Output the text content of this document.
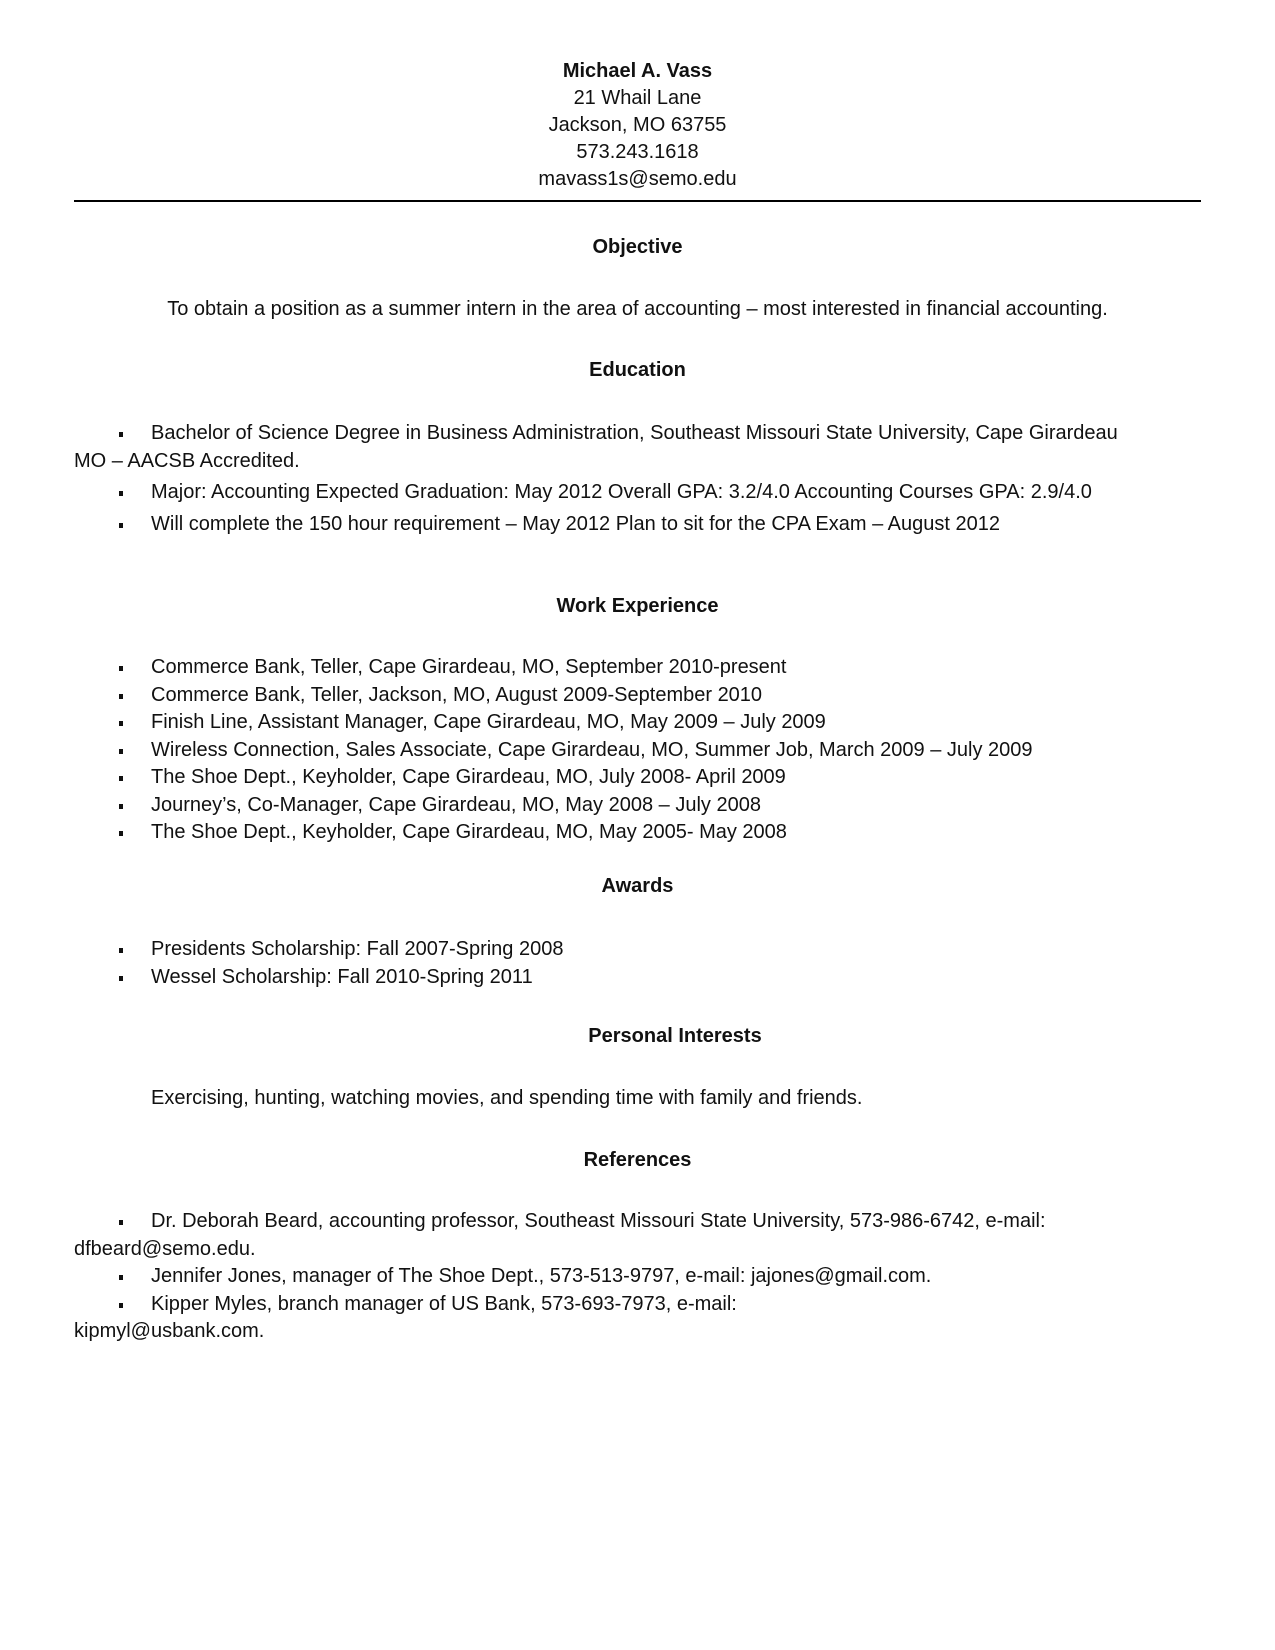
Michael A. Vass
21 Whail Lane
Jackson, MO 63755
573.243.1618
mavass1s@semo.edu
Objective
To obtain a position as a summer intern in the area of accounting – most interested in financial accounting.
Education
Bachelor of Science Degree in Business Administration, Southeast Missouri State University, Cape Girardeau MO – AACSB Accredited.
Major: Accounting Expected Graduation: May 2012 Overall GPA: 3.2/4.0 Accounting Courses GPA: 2.9/4.0
Will complete the 150 hour requirement – May 2012 Plan to sit for the CPA Exam – August 2012
Work Experience
Commerce Bank, Teller, Cape Girardeau, MO, September 2010-present
Commerce Bank, Teller, Jackson, MO, August 2009-September 2010
Finish Line, Assistant Manager, Cape Girardeau, MO, May 2009 – July 2009
Wireless Connection, Sales Associate, Cape Girardeau, MO, Summer Job, March 2009 – July 2009
The Shoe Dept., Keyholder, Cape Girardeau, MO, July 2008- April 2009
Journey’s, Co-Manager, Cape Girardeau, MO, May 2008 – July 2008
The Shoe Dept., Keyholder, Cape Girardeau, MO, May 2005- May 2008
Awards
Presidents Scholarship: Fall 2007-Spring 2008
Wessel Scholarship: Fall 2010-Spring 2011
Personal Interests
Exercising, hunting, watching movies, and spending time with family and friends.
References
Dr. Deborah Beard, accounting professor, Southeast Missouri State University, 573-986-6742, e-mail: dfbeard@semo.edu.
Jennifer Jones, manager of The Shoe Dept., 573-513-9797, e-mail: jajones@gmail.com.
Kipper Myles, branch manager of US Bank, 573-693-7973, e-mail: kipmyl@usbank.com.
